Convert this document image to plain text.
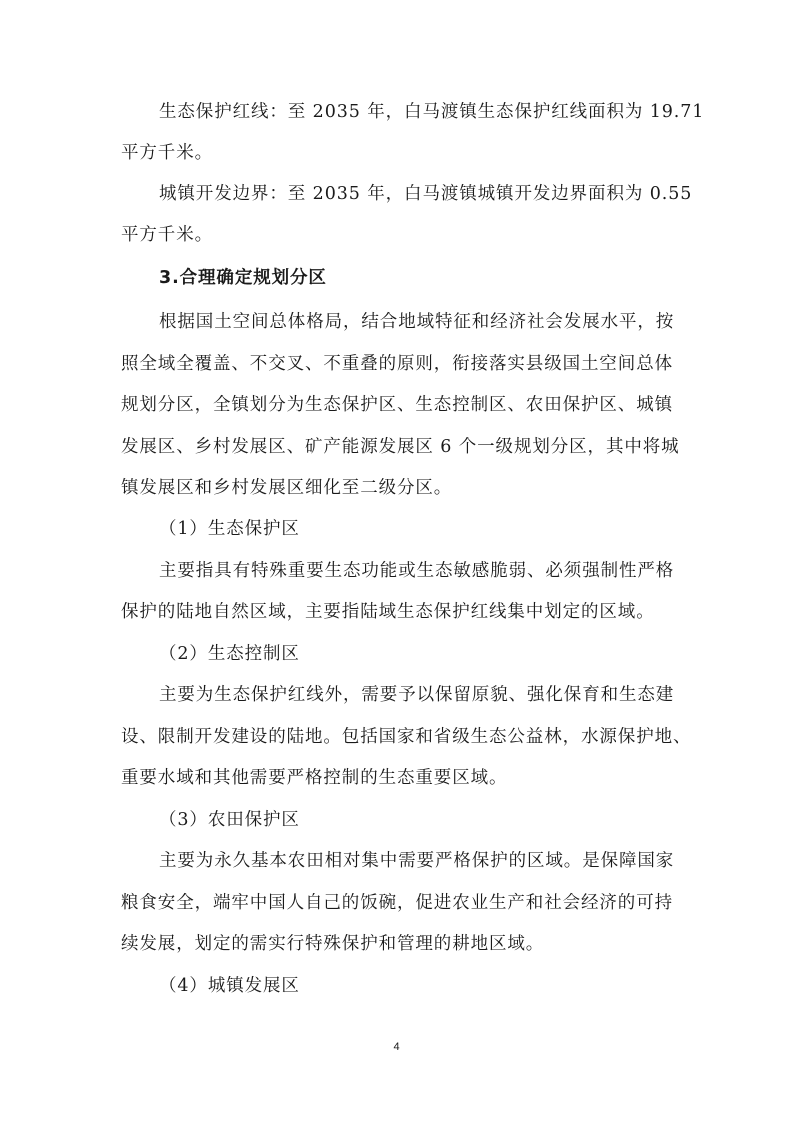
生态保护红线：至 2035 年，白马渡镇生态保护红线面积为 19.71
平方千米。
城镇开发边界：至 2035 年，白马渡镇城镇开发边界面积为 0.55
平方千米。
3.合理确定规划分区
根据国土空间总体格局，结合地域特征和经济社会发展水平，按
照全域全覆盖、不交叉、不重叠的原则，衔接落实县级国土空间总体
规划分区，全镇划分为生态保护区、生态控制区、农田保护区、城镇
发展区、乡村发展区、矿产能源发展区 6 个一级规划分区，其中将城
镇发展区和乡村发展区细化至二级分区。
（1）生态保护区
主要指具有特殊重要生态功能或生态敏感脆弱、必须强制性严格
保护的陆地自然区域，主要指陆域生态保护红线集中划定的区域。
（2）生态控制区
主要为生态保护红线外，需要予以保留原貌、强化保育和生态建
设、限制开发建设的陆地。包括国家和省级生态公益林，水源保护地、
重要水域和其他需要严格控制的生态重要区域。
（3）农田保护区
主要为永久基本农田相对集中需要严格保护的区域。是保障国家
粮食安全，端牢中国人自己的饭碗，促进农业生产和社会经济的可持
续发展，划定的需实行特殊保护和管理的耕地区域。
（4）城镇发展区
4
